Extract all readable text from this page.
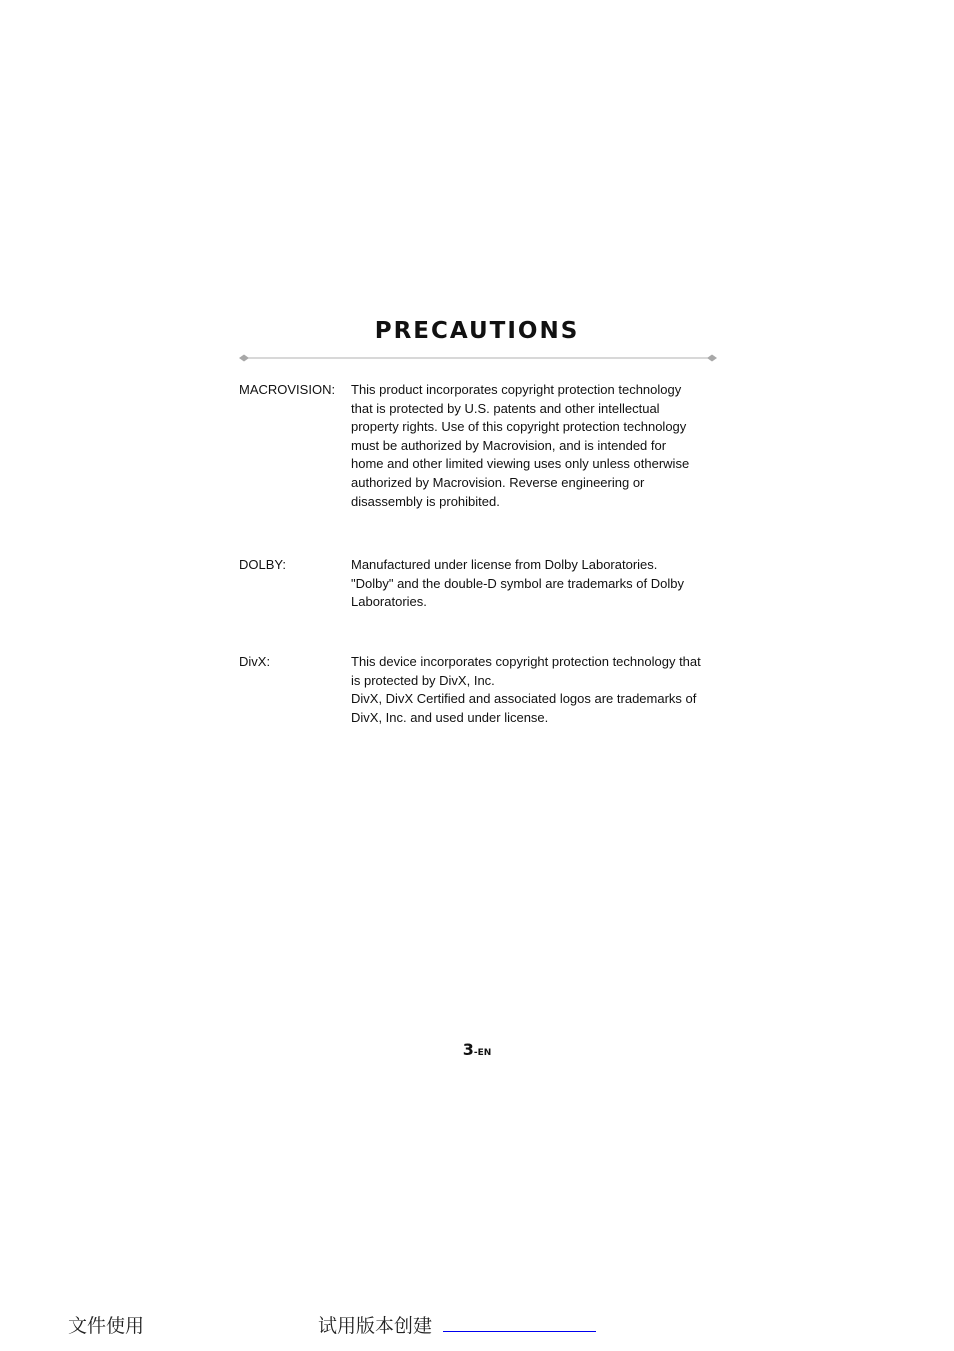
PRECAUTIONS
MACROVISION:	This product incorporates copyright protection technology
that is protected by U.S. patents and other intellectual
property rights. Use of this copyright protection technology
must be authorized by Macrovision, and is intended for
home and other limited viewing uses only unless otherwise
authorized by Macrovision. Reverse engineering or
disassembly is prohibited.
DOLBY:	Manufactured under license from Dolby Laboratories.
"Dolby" and the double-D symbol are trademarks of Dolby
Laboratories.
DivX:	This device incorporates copyright protection technology that
is protected by DivX, Inc.
DivX, DivX Certified and associated logos are trademarks of
DivX, Inc. and used under license.
3-EN
文件使用	试用版本创建
